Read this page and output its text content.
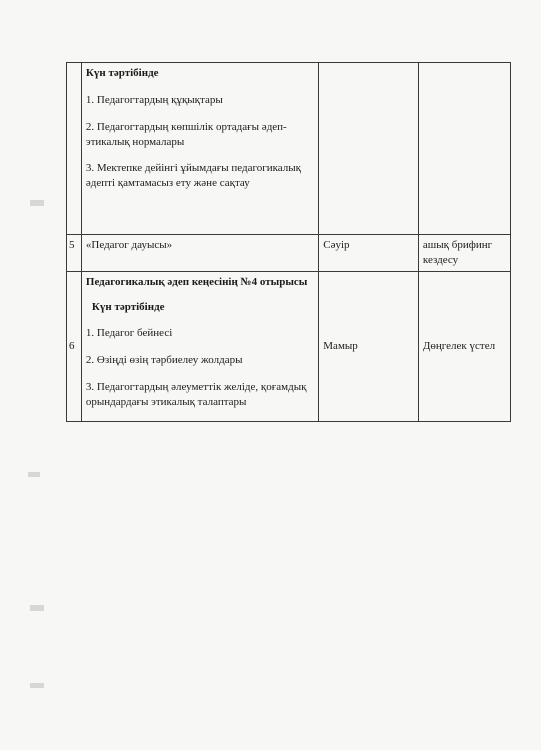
	Күн тәртібінде
1. Педагогтардың құқықтары
2. Педагогтардың көпшілік ортадағы әдеп-этикалық нормалары
3. Мектепке дейінгі ұйымдағы педагогикалық әдепті қамтамасыз ету және сақтау		

5	«Педагог дауысы»	Сәуір	ашық брифинг кездесу
6	Педагогикалық әдеп кеңесінің №4 отырысы
Күн тәртібінде
1. Педагог бейнесі
2. Өзіңді өзің тәрбиелеу жолдары
3. Педагогтардың әлеуметтік желіде, қоғамдық орындардағы этикалық талаптары	Мамыр	Дөңгелек үстел
